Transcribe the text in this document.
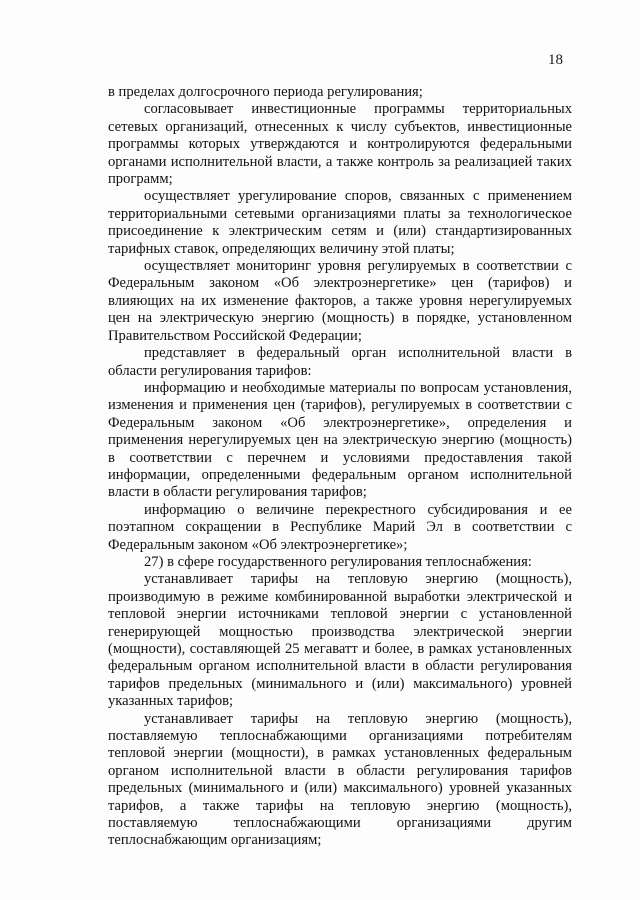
18

в пределах долгосрочного периода регулирования;

согласовывает инвестиционные программы территориальных сетевых организаций, отнесенных к числу субъектов, инвестиционные программы которых утверждаются и контролируются федеральными органами исполнительной власти, а также контроль за реализацией таких программ;

осуществляет урегулирование споров, связанных с применением территориальными сетевыми организациями платы за технологическое присоединение к электрическим сетям и (или) стандартизированных тарифных ставок, определяющих величину этой платы;

осуществляет мониторинг уровня регулируемых в соответствии с Федеральным законом «Об электроэнергетике» цен (тарифов) и влияющих на их изменение факторов, а также уровня нерегулируемых цен на электрическую энергию (мощность) в порядке, установленном Правительством Российской Федерации;

представляет в федеральный орган исполнительной власти в области регулирования тарифов:

информацию и необходимые материалы по вопросам установления, изменения и применения цен (тарифов), регулируемых в соответствии с Федеральным законом «Об электроэнергетике», определения и применения нерегулируемых цен на электрическую энергию (мощность) в соответствии с перечнем и условиями предоставления такой информации, определенными федеральным органом исполнительной власти в области регулирования тарифов;

информацию о величине перекрестного субсидирования и ее поэтапном сокращении в Республике Марий Эл в соответствии с Федеральным законом «Об электроэнергетике»;

27) в сфере государственного регулирования теплоснабжения:

устанавливает тарифы на тепловую энергию (мощность), производимую в режиме комбинированной выработки электрической и тепловой энергии источниками тепловой энергии с установленной генерирующей мощностью производства электрической энергии (мощности), составляющей 25 мегаватт и более, в рамках установленных федеральным органом исполнительной власти в области регулирования тарифов предельных (минимального и (или) максимального) уровней указанных тарифов;

устанавливает тарифы на тепловую энергию (мощность), поставляемую теплоснабжающими организациями потребителям тепловой энергии (мощности), в рамках установленных федеральным органом исполнительной власти в области регулирования тарифов предельных (минимального и (или) максимального) уровней указанных тарифов, а также тарифы на тепловую энергию (мощность), поставляемую теплоснабжающими организациями другим теплоснабжающим организациям;
